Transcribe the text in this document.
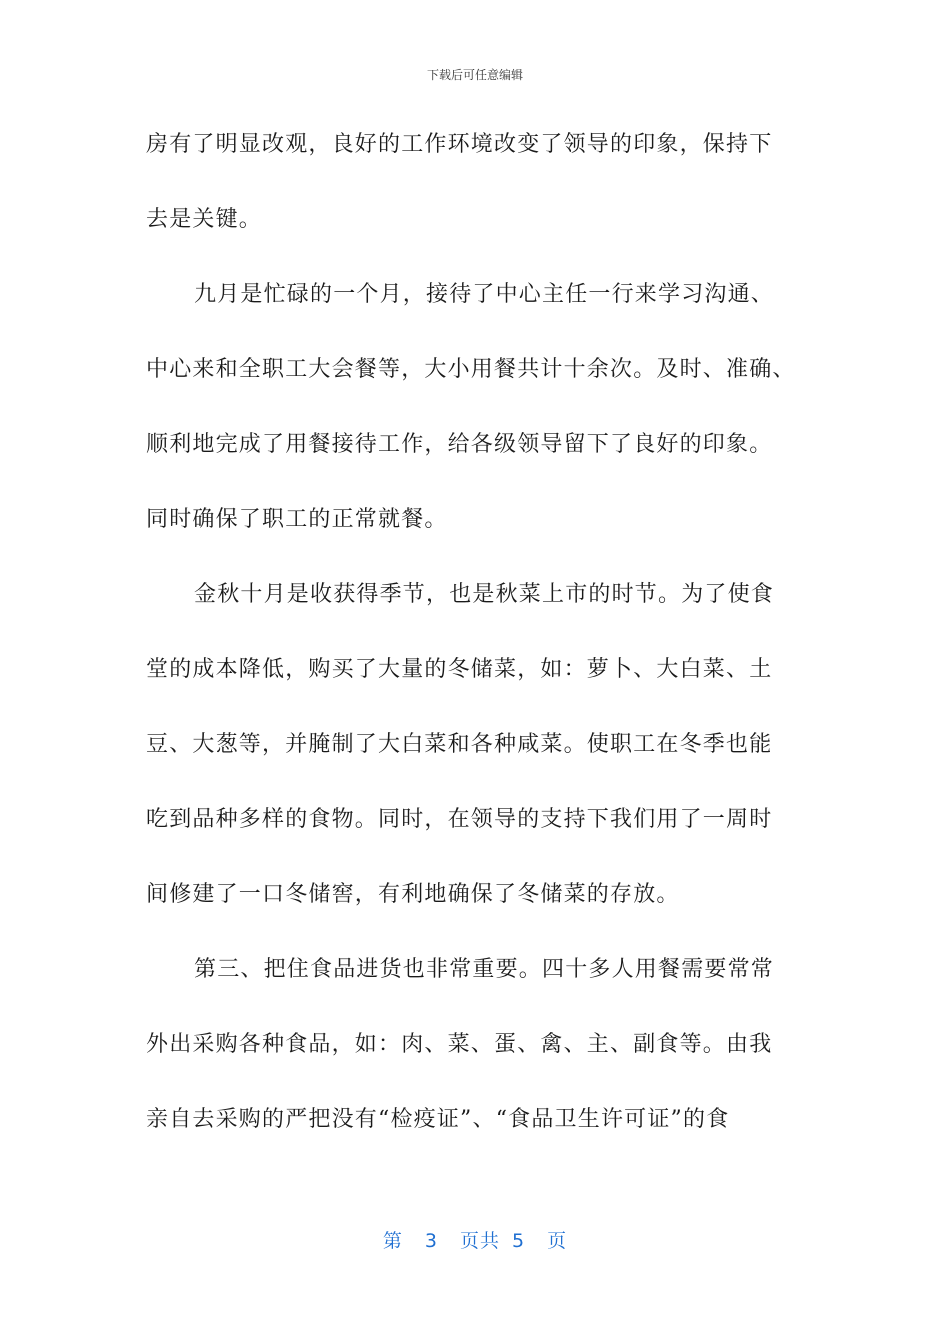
下载后可任意编辑
房有了明显改观，良好的工作环境改变了领导的印象，保持下
去是关键。
九月是忙碌的一个月，接待了中心主任一行来学习沟通、
中心来和全职工大会餐等，大小用餐共计十余次。及时、准确、
顺利地完成了用餐接待工作，给各级领导留下了良好的印象。
同时确保了职工的正常就餐。
金秋十月是收获得季节，也是秋菜上市的时节。为了使食
堂的成本降低，购买了大量的冬储菜，如：萝卜、大白菜、土
豆、大葱等，并腌制了大白菜和各种咸菜。使职工在冬季也能
吃到品种多样的食物。同时，在领导的支持下我们用了一周时
间修建了一口冬储窖，有利地确保了冬储菜的存放。
第三、把住食品进货也非常重要。四十多人用餐需要常常
外出采购各种食品，如：肉、菜、蛋、禽、主、副食等。由我
亲自去采购的严把没有“检疫证”、“食品卫生许可证”的食
第 3 页共 5 页
